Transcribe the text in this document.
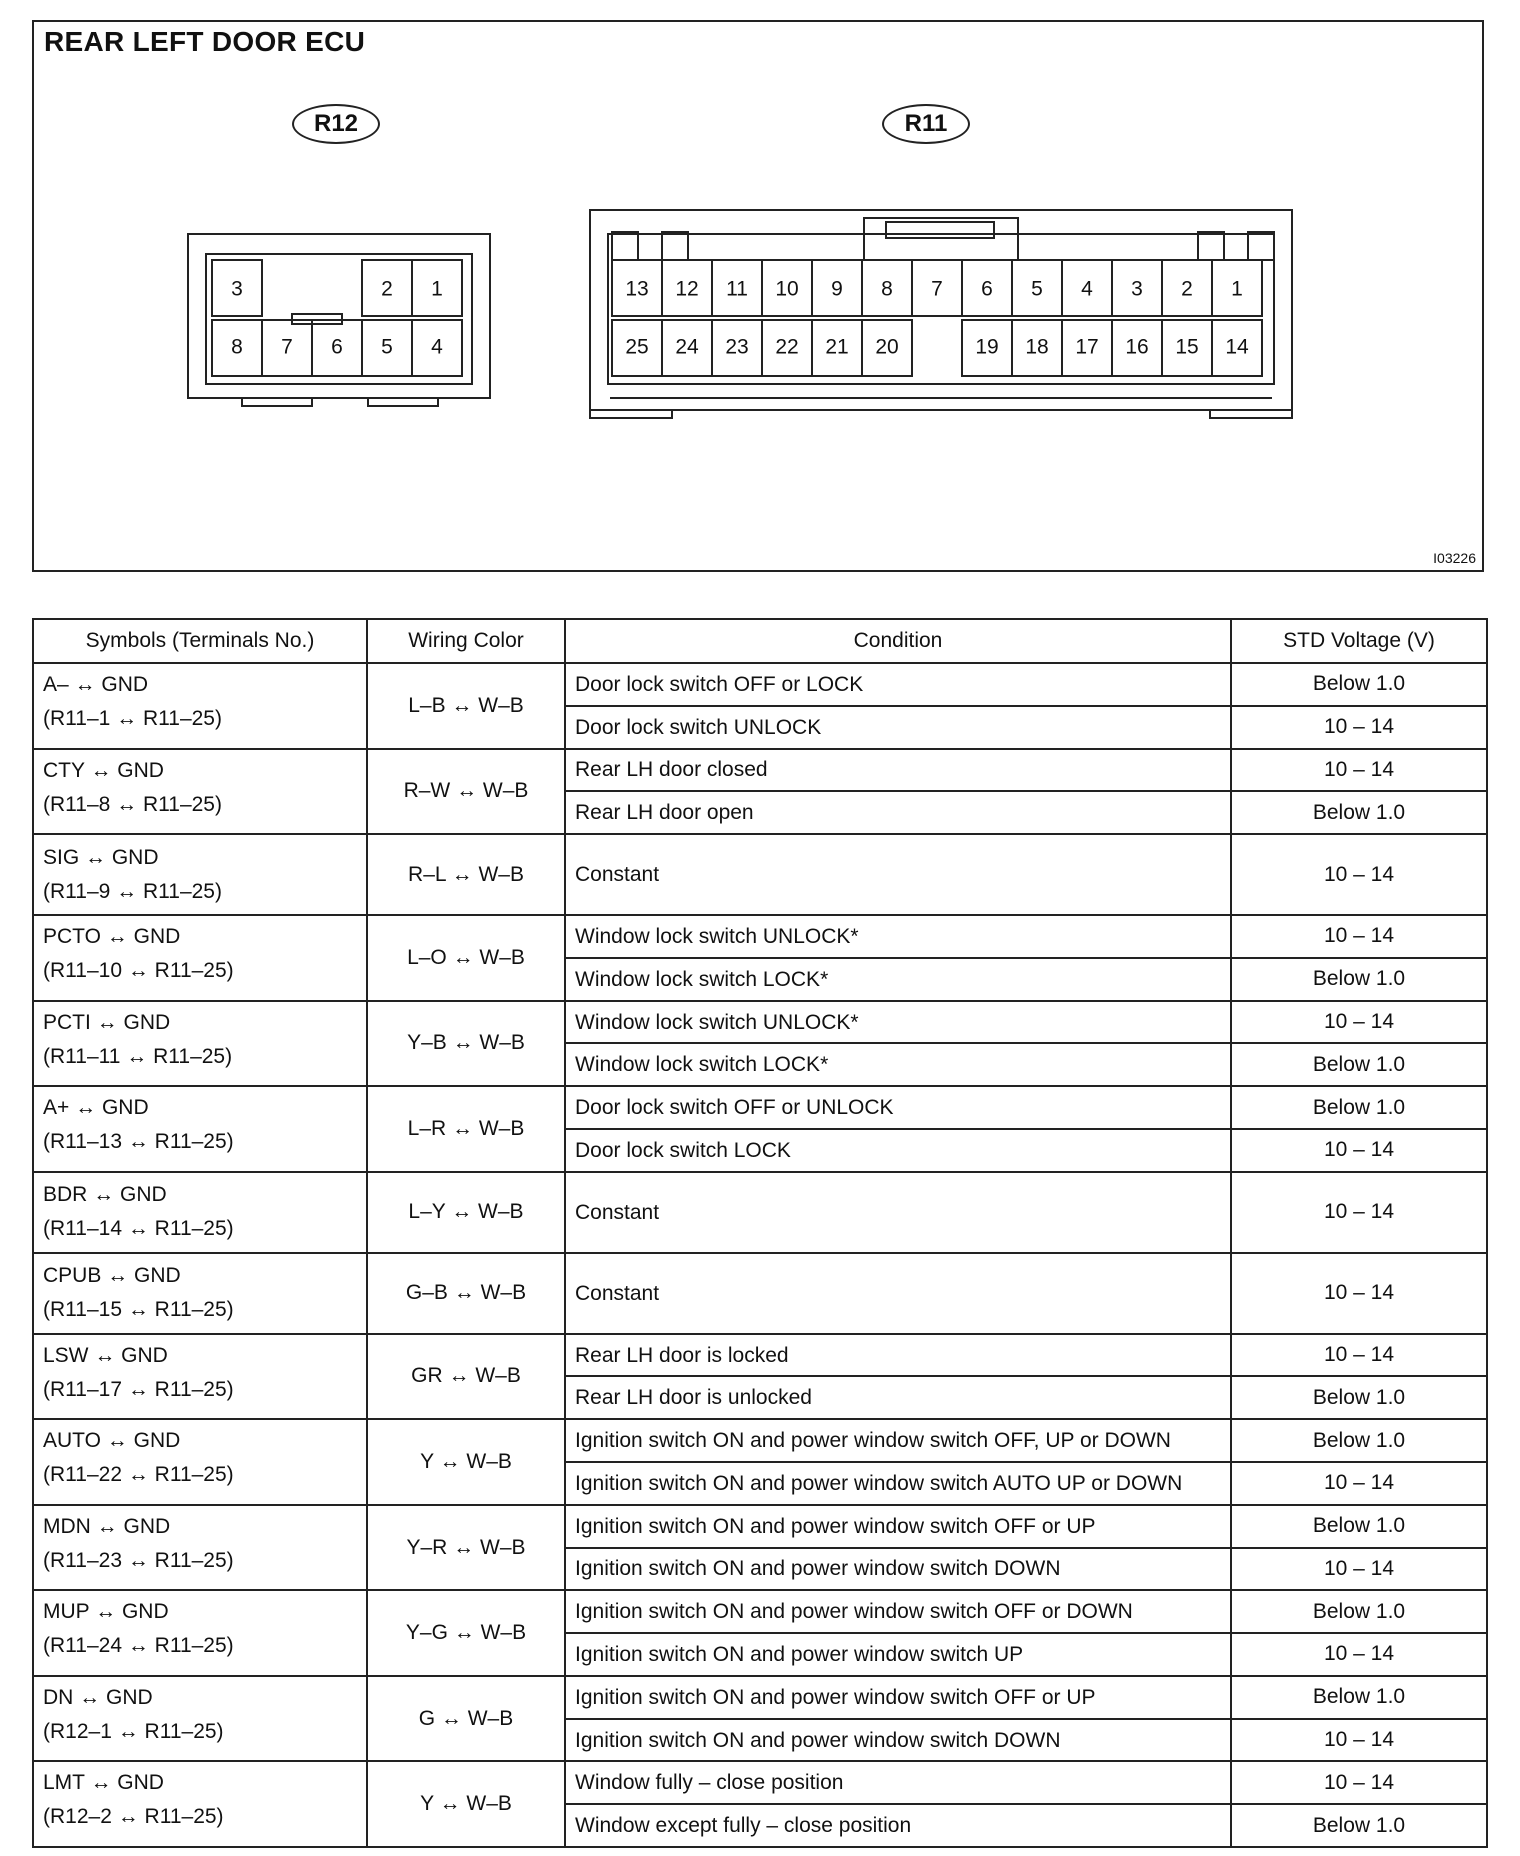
REAR LEFT DOOR ECU
R12	R11
3	2 1
8 7 6 5 4
13 12 11 10 9 8 7 6 5 4 3 2 1
25 24 23 22 21 20	19 18 17 16 15 14
I03226
Symbols (Terminals No.)	Wiring Color	Condition	STD Voltage (V)

A– ↔ GND
(R11–1 ↔ R11–25)	L–B ↔ W–B	Door lock switch OFF or LOCK	Below 1.0
		Door lock switch UNLOCK	10 – 14

CTY ↔ GND
(R11–8 ↔ R11–25)	R–W ↔ W–B	Rear LH door closed	10 – 14
		Rear LH door open	Below 1.0

SIG ↔ GND
(R11–9 ↔ R11–25)	R–L ↔ W–B	Constant	10 – 14

PCTO ↔ GND
(R11–10 ↔ R11–25)	L–O ↔ W–B	Window lock switch UNLOCK*	10 – 14
		Window lock switch LOCK*	Below 1.0

PCTI ↔ GND
(R11–11 ↔ R11–25)	Y–B ↔ W–B	Window lock switch UNLOCK*	10 – 14
		Window lock switch LOCK*	Below 1.0

A+ ↔ GND
(R11–13 ↔ R11–25)	L–R ↔ W–B	Door lock switch OFF or UNLOCK	Below 1.0
		Door lock switch LOCK	10 – 14

BDR ↔ GND
(R11–14 ↔ R11–25)	L–Y ↔ W–B	Constant	10 – 14

CPUB ↔ GND
(R11–15 ↔ R11–25)	G–B ↔ W–B	Constant	10 – 14

LSW ↔ GND
(R11–17 ↔ R11–25)	GR ↔ W–B	Rear LH door is locked	10 – 14
		Rear LH door is unlocked	Below 1.0

AUTO ↔ GND
(R11–22 ↔ R11–25)	Y ↔ W–B	Ignition switch ON and power window switch OFF, UP or DOWN	Below 1.0
		Ignition switch ON and power window switch AUTO UP or DOWN	10 – 14

MDN ↔ GND
(R11–23 ↔ R11–25)	Y–R ↔ W–B	Ignition switch ON and power window switch OFF or UP	Below 1.0
		Ignition switch ON and power window switch DOWN	10 – 14

MUP ↔ GND
(R11–24 ↔ R11–25)	Y–G ↔ W–B	Ignition switch ON and power window switch OFF or DOWN	Below 1.0
		Ignition switch ON and power window switch UP	10 – 14

DN ↔ GND
(R12–1 ↔ R11–25)	G ↔ W–B	Ignition switch ON and power window switch OFF or UP	Below 1.0
		Ignition switch ON and power window switch DOWN	10 – 14

LMT ↔ GND
(R12–2 ↔ R11–25)	Y ↔ W–B	Window fully – close position	10 – 14
		Window except fully – close position	Below 1.0
